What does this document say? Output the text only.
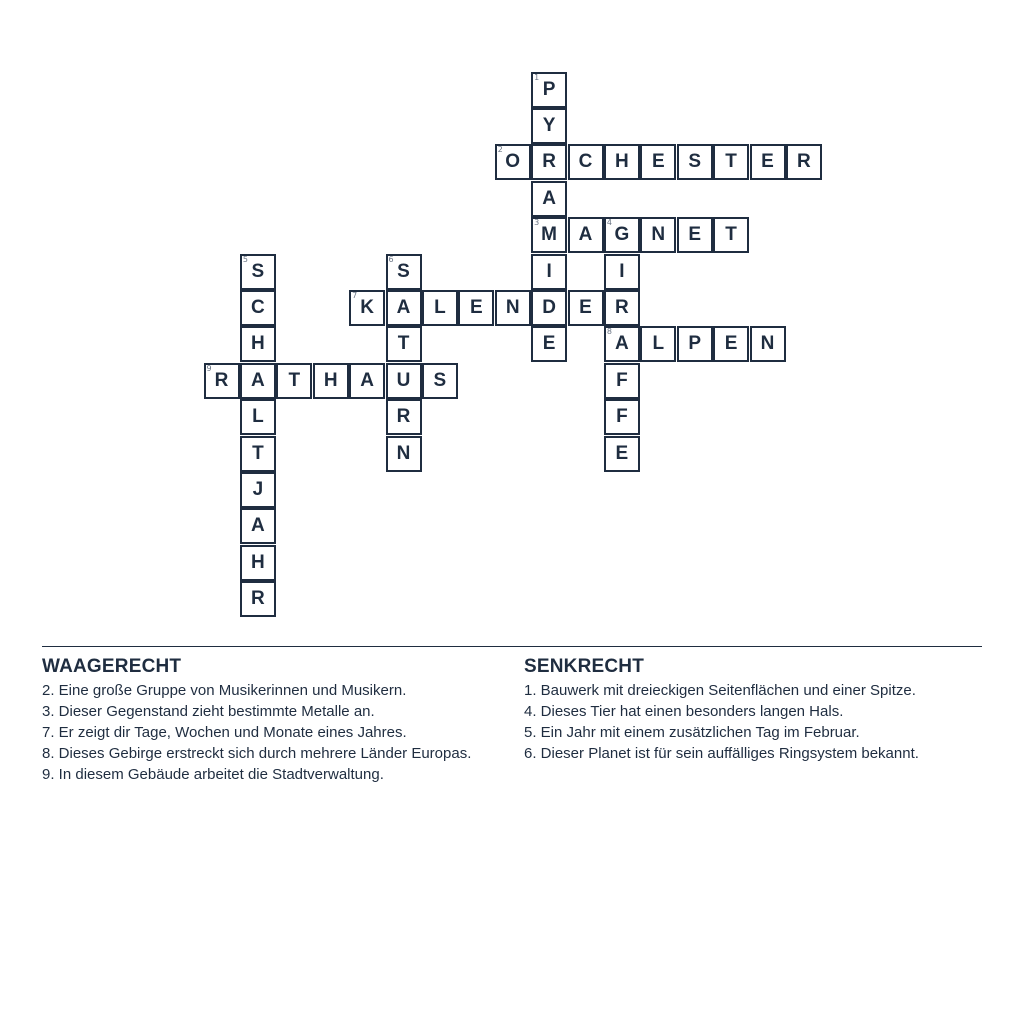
1
P
Y
R
A
3
M
I
D
E
2
O	C	H	E	S	T	E	R
A
4
G	N	E	T
I
R
8
A
F
F
E
5
S
C
H
A
L
T
J
A
H
R
6
S
A
T
U
R
N
7
K	L	E	N	E
L	P	E	N
9
R	T	H	A	S
WAAGERECHT
2. Eine große Gruppe von Musikerinnen und Musikern.
3. Dieser Gegenstand zieht bestimmte Metalle an.
7. Er zeigt dir Tage, Wochen und Monate eines Jahres.
8. Dieses Gebirge erstreckt sich durch mehrere Länder Europas.
9. In diesem Gebäude arbeitet die Stadtverwaltung.
SENKRECHT
1. Bauwerk mit dreieckigen Seitenflächen und einer Spitze.
4. Dieses Tier hat einen besonders langen Hals.
5. Ein Jahr mit einem zusätzlichen Tag im Februar.
6. Dieser Planet ist für sein auffälliges Ringsystem bekannt.
